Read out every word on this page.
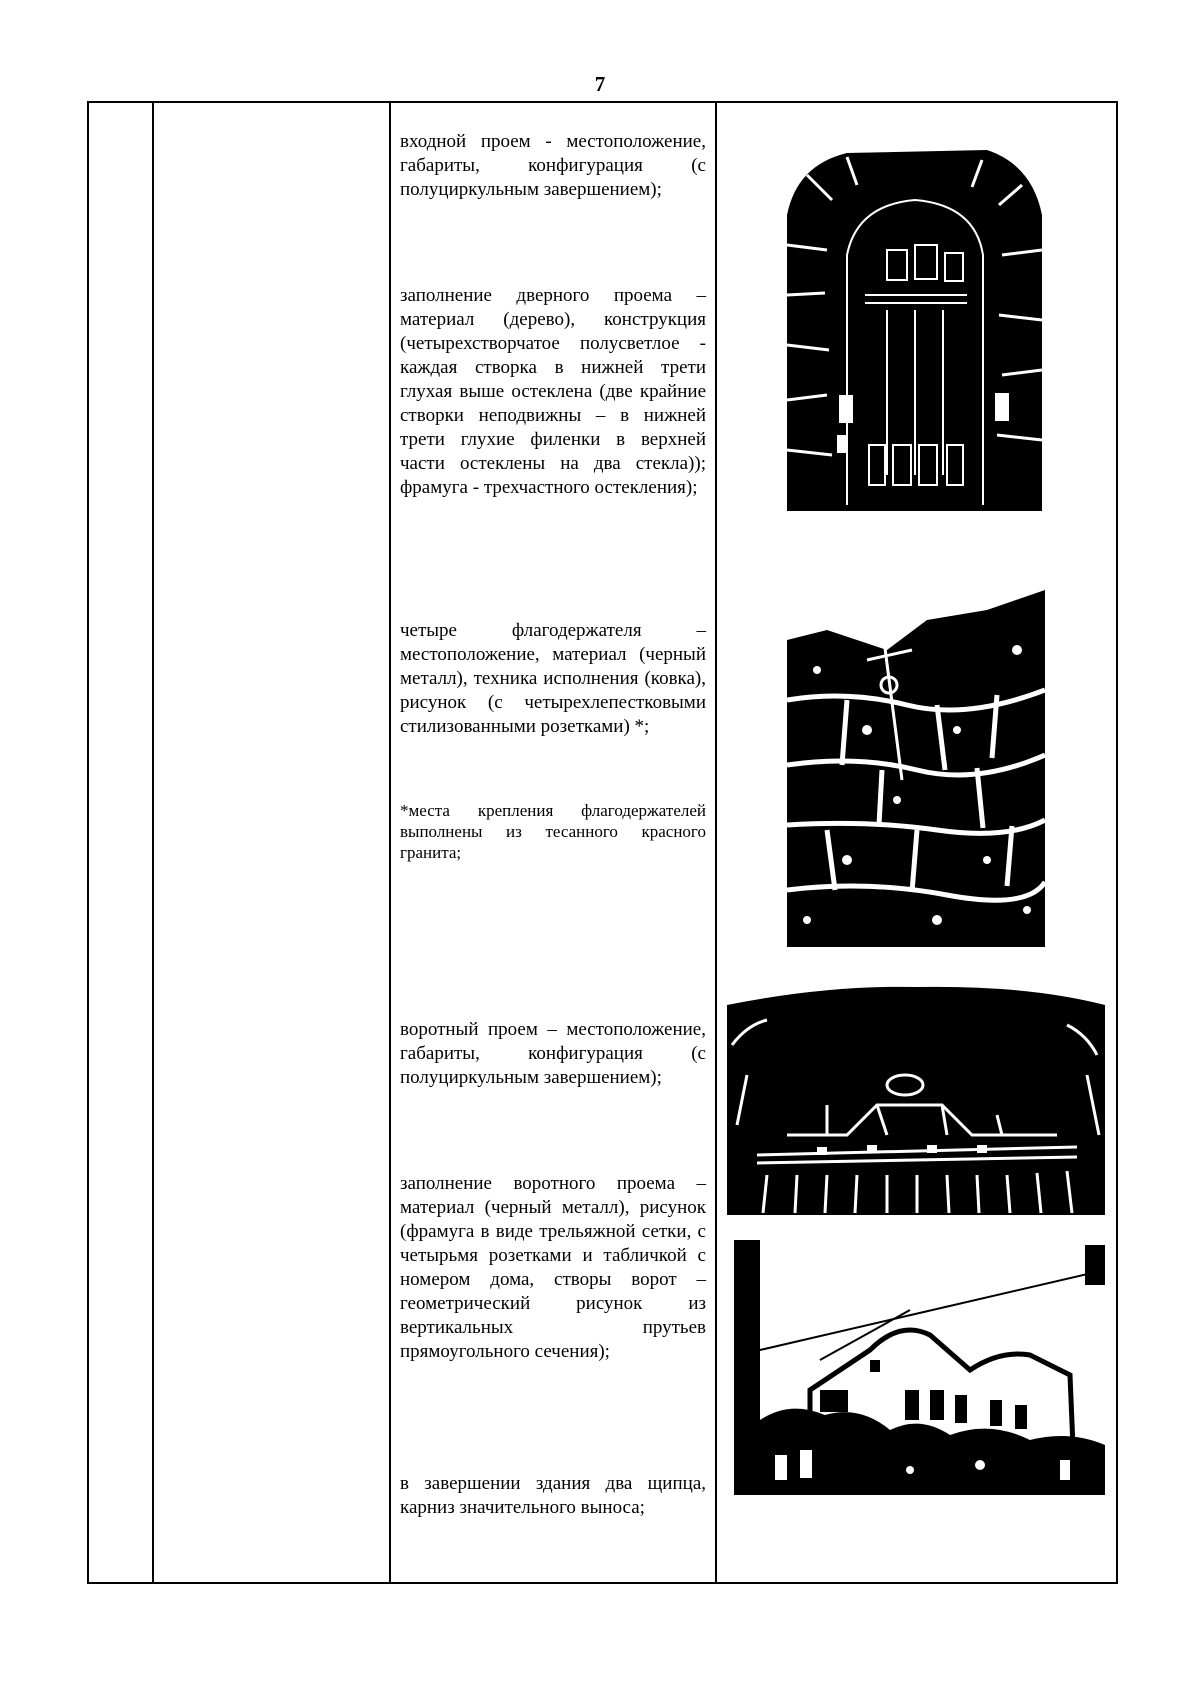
7

входной проем - местоположение, габариты, конфигурация (с полуциркульным завершением);

заполнение дверного проема – материал (дерево), конструкция (четырехстворчатое полусветлое - каждая створка в нижней трети глухая выше остеклена (две крайние створки неподвижны – в нижней трети глухие филенки в верхней части остеклены на два стекла)); фрамуга - трехчастного остекления);

четыре флагодержателя – местоположение, материал (черный металл), техника исполнения (ковка), рисунок (с четырехлепестковыми стилизованными розетками) *;

*места крепления флагодержателей выполнены из тесанного красного гранита;

воротный проем – местоположение, габариты, конфигурация (с полуциркульным завершением);

заполнение воротного проема – материал (черный металл), рисунок (фрамуга в виде трельяжной сетки, с четырьмя розетками и табличкой с номером дома, створы ворот – геометрический рисунок из вертикальных прутьев прямоугольного сечения);

в завершении здания два щипца, карниз значительного выноса;
